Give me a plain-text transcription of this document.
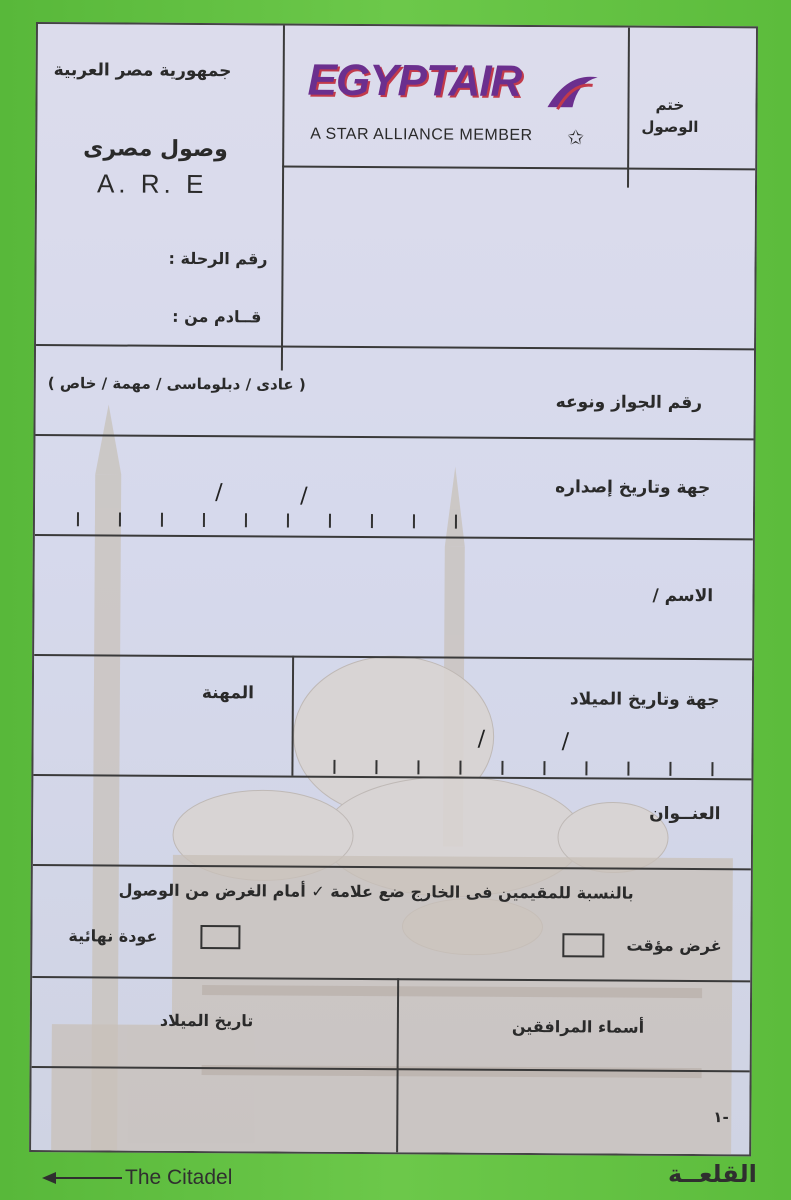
جمهورية مصر العربية
وصول مصرى
A. R. E
رقم الرحلة :
قــادم من :
EGYPTAIR
A STAR ALLIANCE MEMBER ✩
ختم
الوصول
( عادى / دبلوماسى / مهمة / خاص )
رقم الجواز ونوعه
جهة وتاريخ إصداره
/	/
الاسم /
المهنة	جهة وتاريخ الميلاد
/	/
العنــوان
بالنسبة للمقيمين فى الخارج ضع علامة ✓ أمام الغرض من الوصول
عودة نهائية	غرض مؤقت
تاريخ الميلاد	أسماء المرافقين
-١
The Citadel	القلعــة
